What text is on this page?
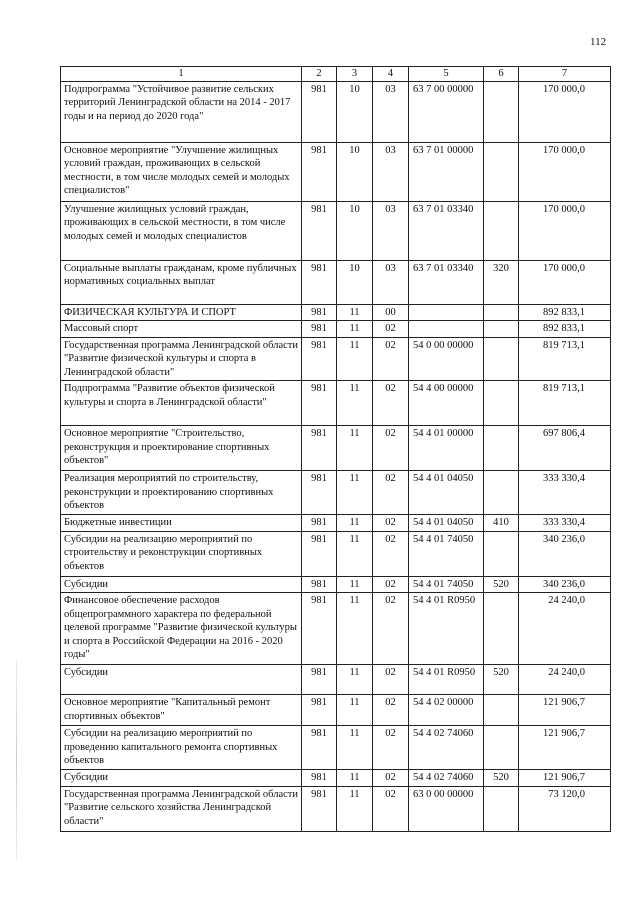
112
1	2	3	4	5	6	7
Подпрограмма "Устойчивое развитие сельских территорий Ленинградской области на 2014 - 2017 годы и на период до 2020 года"	981	10	03	63 7 00 00000		170 000,0
Основное мероприятие "Улучшение жилищных условий граждан, проживающих в сельской местности, в том числе молодых семей и молодых специалистов"	981	10	03	63 7 01 00000		170 000,0
Улучшение жилищных условий граждан, проживающих в сельской местности, в том числе молодых семей и молодых специалистов	981	10	03	63 7 01 03340		170 000,0
Социальные выплаты гражданам, кроме публичных нормативных социальных выплат	981	10	03	63 7 01 03340	320	170 000,0
ФИЗИЧЕСКАЯ КУЛЬТУРА И СПОРТ	981	11	00			892 833,1
Массовый спорт	981	11	02			892 833,1
Государственная программа Ленинградской области "Развитие физической культуры и спорта в Ленинградской области"	981	11	02	54 0 00 00000		819 713,1
Подпрограмма "Развитие объектов физической культуры и спорта в Ленинградской области"	981	11	02	54 4 00 00000		819 713,1
Основное мероприятие "Строительство, реконструкция и проектирование спортивных объектов"	981	11	02	54 4 01 00000		697 806,4
Реализация мероприятий по строительству, реконструкции и проектированию спортивных объектов	981	11	02	54 4 01 04050		333 330,4
Бюджетные инвестиции	981	11	02	54 4 01 04050	410	333 330,4
Субсидии на реализацию мероприятий по строительству и реконструкции спортивных объектов	981	11	02	54 4 01 74050		340 236,0
Субсидии	981	11	02	54 4 01 74050	520	340 236,0
Финансовое обеспечение расходов общепрограммного характера по федеральной целевой программе "Развитие физической культуры и спорта в Российской Федерации на 2016 - 2020 годы"	981	11	02	54 4 01 R0950		24 240,0
Субсидии	981	11	02	54 4 01 R0950	520	24 240,0
Основное мероприятие "Капитальный ремонт спортивных объектов"	981	11	02	54 4 02 00000		121 906,7
Субсидии на реализацию мероприятий по проведению капитального ремонта спортивных объектов	981	11	02	54 4 02 74060		121 906,7
Субсидии	981	11	02	54 4 02 74060	520	121 906,7
Государственная программа Ленинградской области "Развитие сельского хозяйства Ленинградской области"	981	11	02	63 0 00 00000		73 120,0
